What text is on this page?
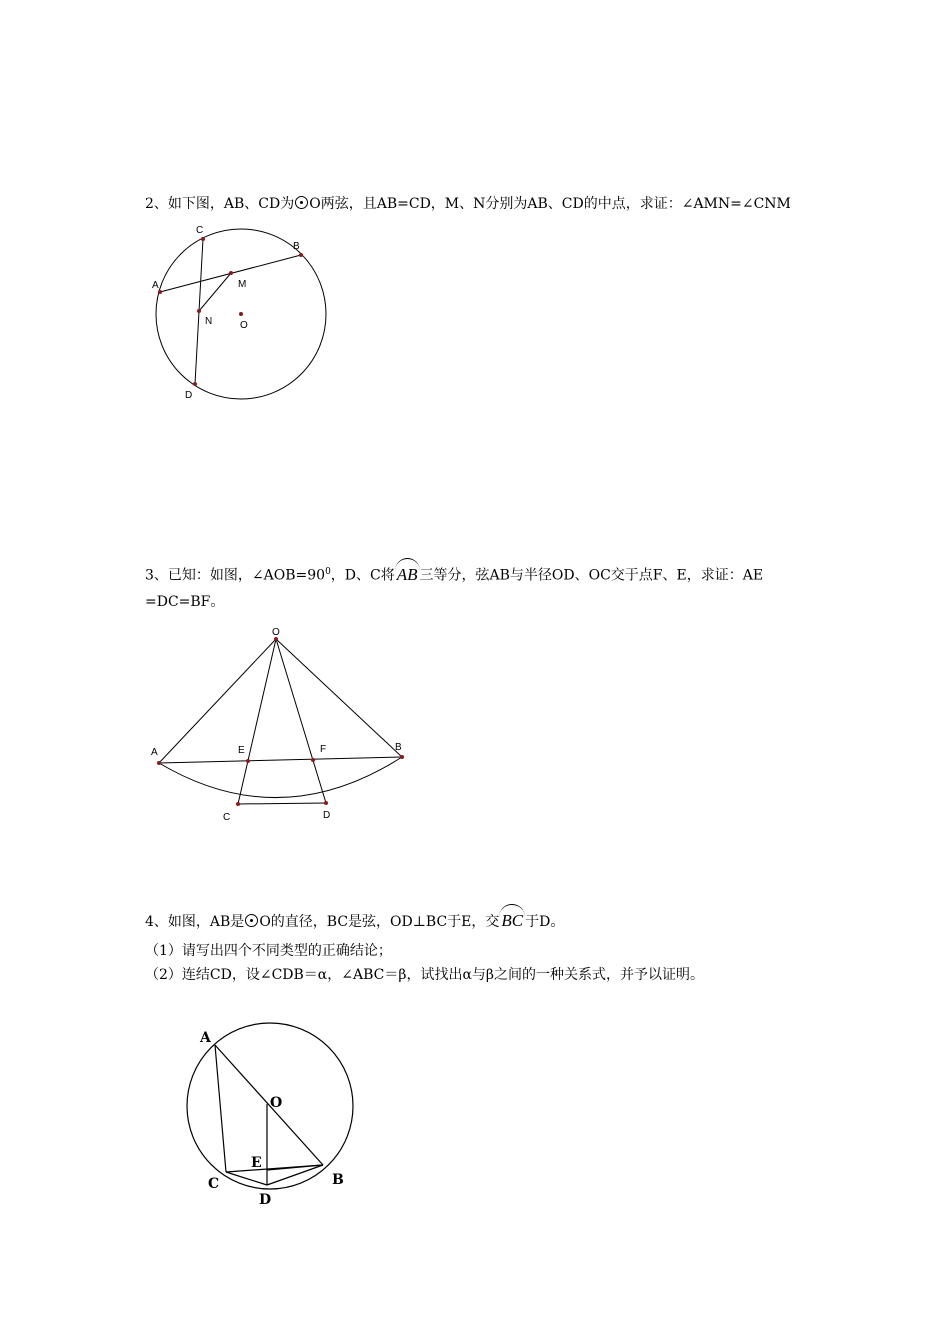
2、如下图，AB、CD为 O两弦，且AB=CD，M、N分别为AB、CD的中点，求证：∠AMN=∠CNM
A
B
C
D
M
N	O
3、已知：如图，$\angle AOB=90^0$，D、C将 AB 三等分，弦AB与半径OD、OC交于点F、E，求证：AE
=DC=BF。
O
A	B
C	D
E	F
4、如图，AB是 O的直径，BC是弦，OD⊥BC于E，交 BC 于D。
（1）请写出四个不同类型的正确结论；
（2）连结CD，设∠CDB＝α，∠ABC＝β，试找出α与β之间的一种关系式，并予以证明。
A
O
E
C	B
D
